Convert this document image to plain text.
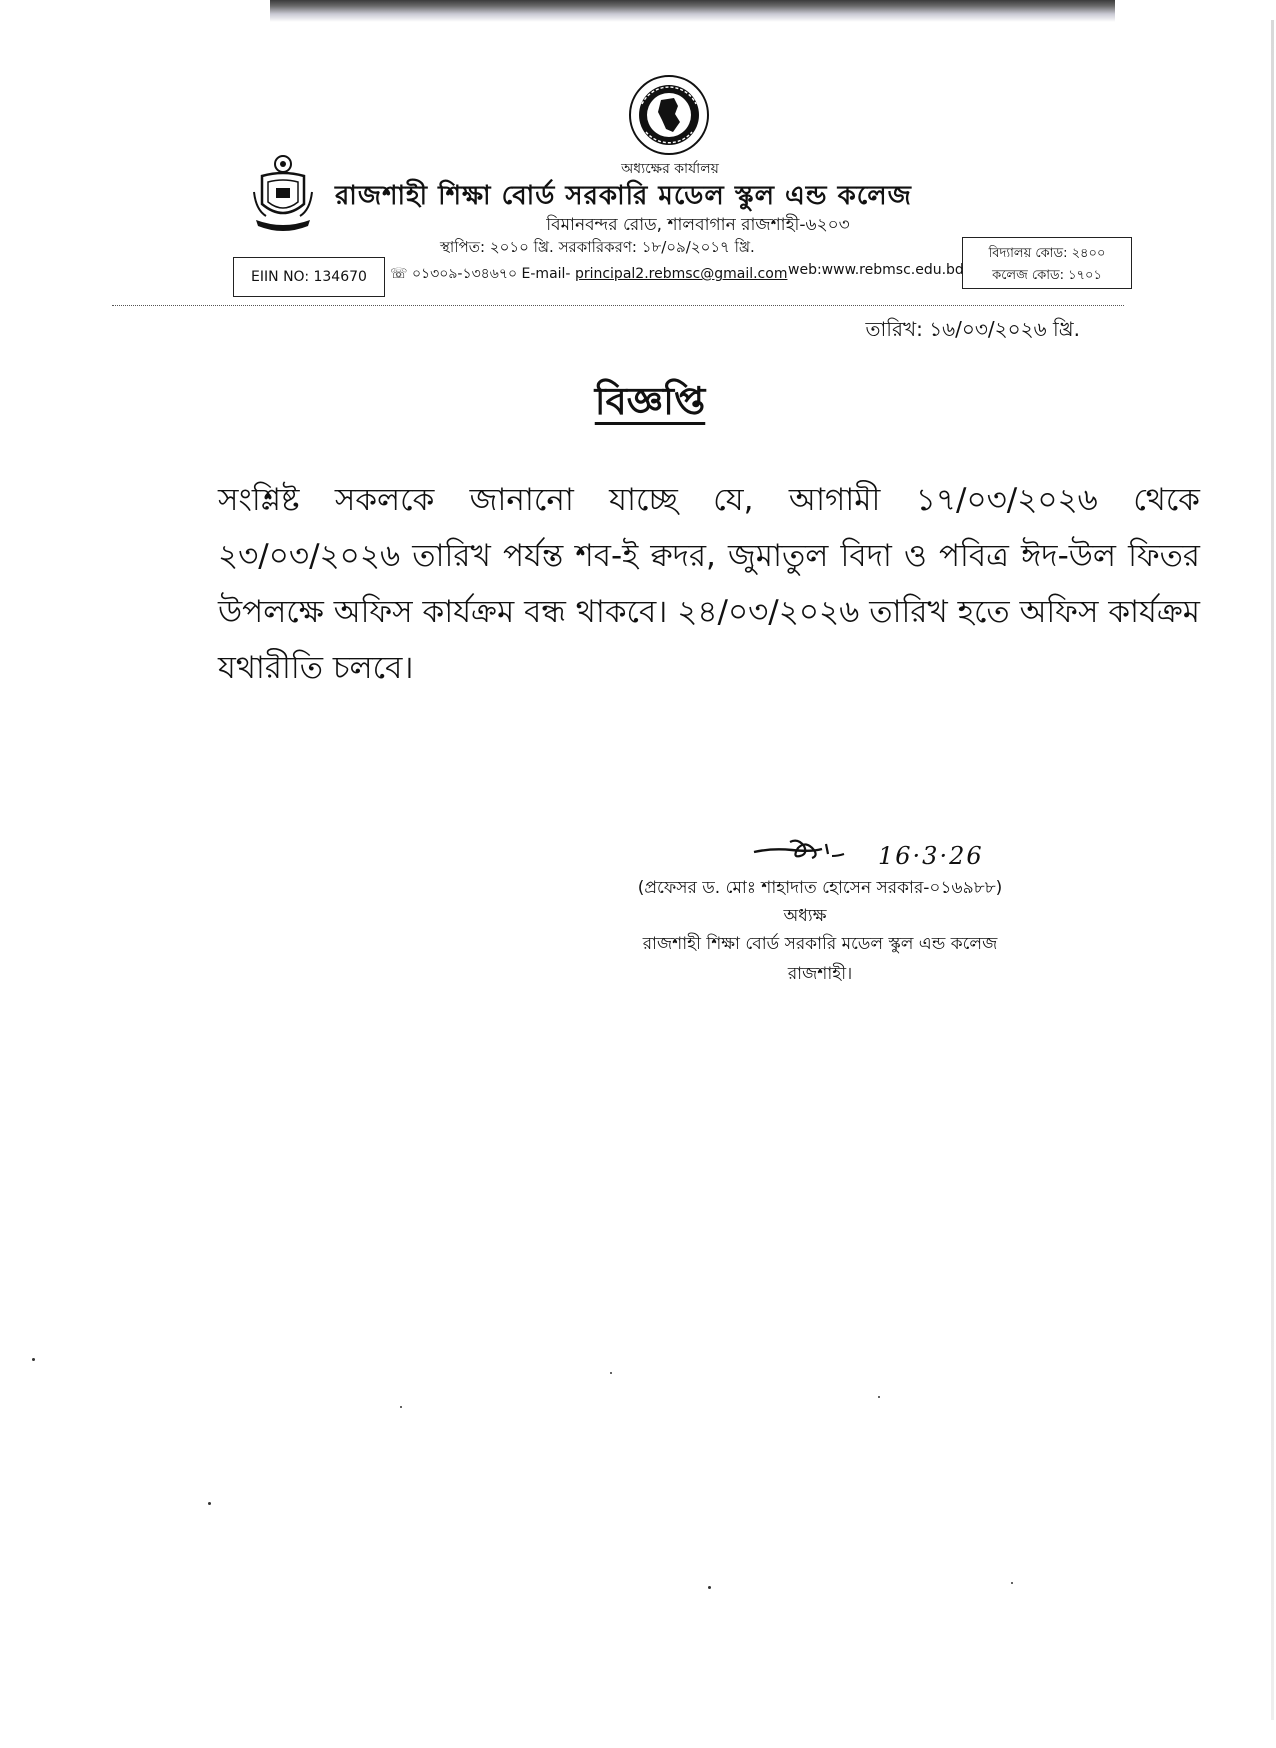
অধ্যক্ষের কার্যালয়
রাজশাহী শিক্ষা বোর্ড সরকারি মডেল স্কুল এন্ড কলেজ
বিমানবন্দর রোড, শালবাগান রাজশাহী-৬২০৩
স্থাপিত: ২০১০ খ্রি. সরকারিকরণ: ১৮/০৯/২০১৭ খ্রি.
EIIN NO: 134670	☏ ০১৩০৯-১৩৪৬৭০ E-mail- principal2.rebmsc@gmail.com web:www.rebmsc.edu.bd
বিদ্যালয় কোড: ২৪০০
কলেজ কোড: ১৭০১
তারিখ: ১৬/০৩/২০২৬ খ্রি.
বিজ্ঞপ্তি
সংশ্লিষ্ট সকলকে জানানো যাচ্ছে যে, আগামী ১৭/০৩/২০২৬ থেকে ২৩/০৩/২০২৬ তারিখ পর্যন্ত শব-ই ক্বদর, জুমাতুল বিদা ও পবিত্র ঈদ-উল ফিতর উপলক্ষে অফিস কার্যক্রম বন্ধ থাকবে। ২৪/০৩/২০২৬ তারিখ হতে অফিস কার্যক্রম যথারীতি চলবে।
16·3·26
(প্রফেসর ড. মোঃ শাহাদাত হোসেন সরকার-০১৬৯৮৮)
অধ্যক্ষ
রাজশাহী শিক্ষা বোর্ড সরকারি মডেল স্কুল এন্ড কলেজ
রাজশাহী।
